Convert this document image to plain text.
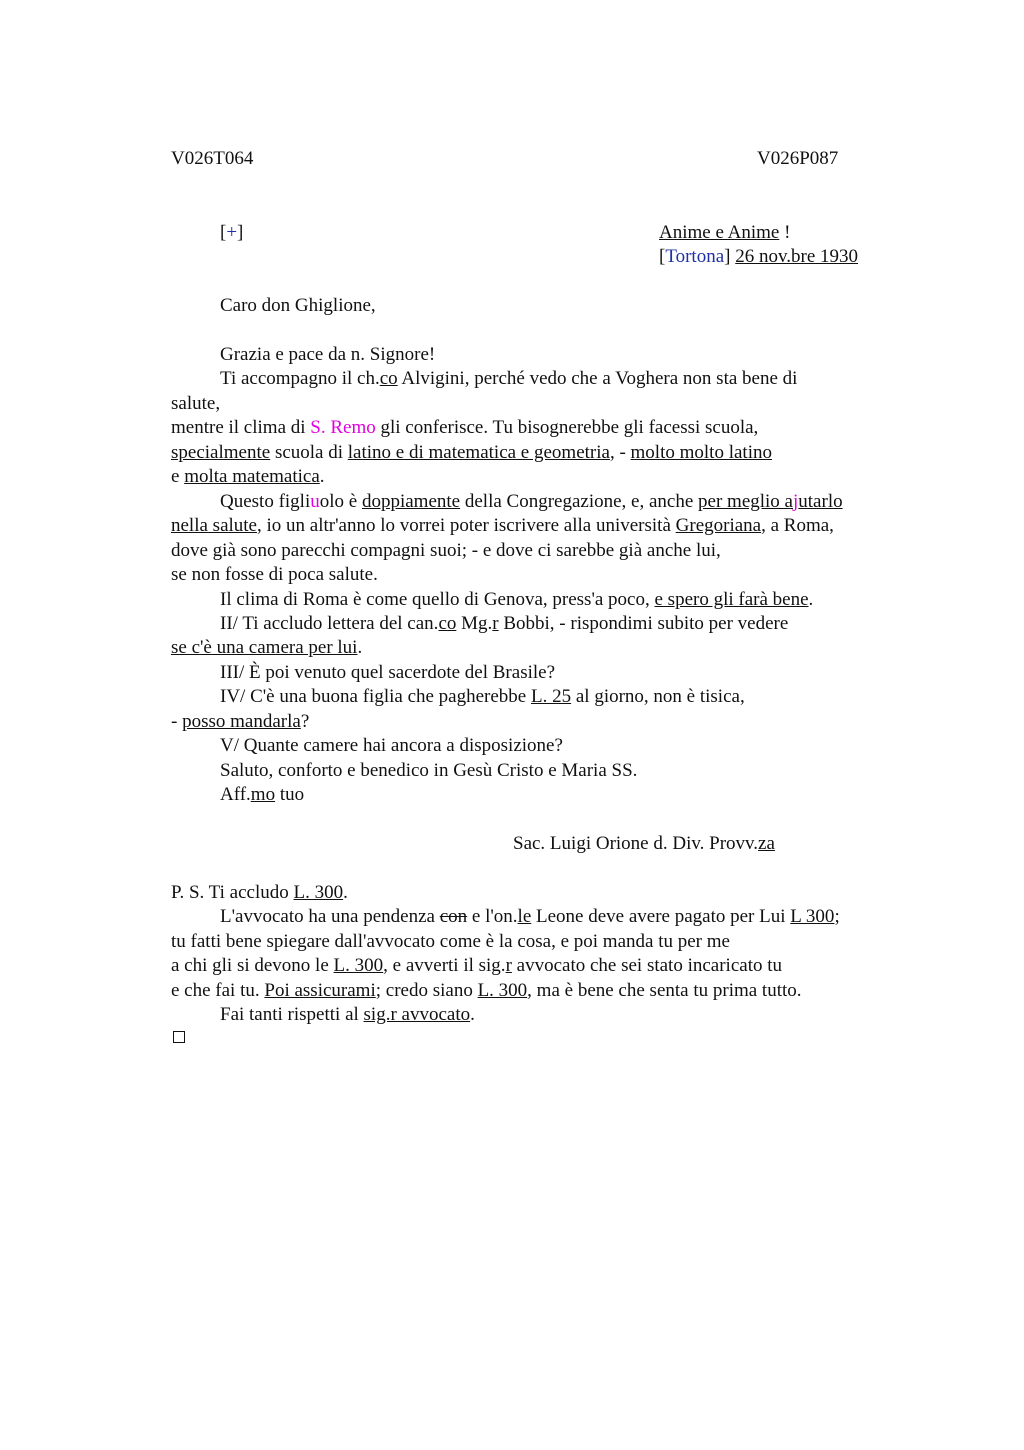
V026T064	V026P087
[+]	Anime e Anime !
[Tortona] 26 nov.bre 1930
Caro don Ghiglione,
Grazia e pace da n. Signore!
Ti accompagno il ch.co Alvigini, perché vedo che a Voghera non sta bene di
salute,
mentre il clima di S. Remo gli conferisce. Tu bisognerebbe gli facessi scuola,
specialmente scuola di latino e di matematica e geometria, - molto molto latino
e molta matematica.
Questo figliuolo è doppiamente della Congregazione, e, anche per meglio ajutarlo
nella salute, io un altr'anno lo vorrei poter iscrivere alla università Gregoriana, a Roma,
dove già sono parecchi compagni suoi; - e dove ci sarebbe già anche lui,
se non fosse di poca salute.
Il clima di Roma è come quello di Genova, press'a poco, e spero gli farà bene.
II/ Ti accludo lettera del can.co Mg.r Bobbi, - rispondimi subito per vedere
se c'è una camera per lui.
III/ È poi venuto quel sacerdote del Brasile?
IV/ C'è una buona figlia che pagherebbe L. 25 al giorno, non è tisica,
- posso mandarla?
V/ Quante camere hai ancora a disposizione?
Saluto, conforto e benedico in Gesù Cristo e Maria SS.
Aff.mo tuo
Sac. Luigi Orione d. Div. Provv.za
P. S. Ti accludo L. 300.
L'avvocato ha una pendenza con e l'on.le Leone deve avere pagato per Lui L 300;
tu fatti bene spiegare dall'avvocato come è la cosa, e poi manda tu per me
a chi gli si devono le L. 300, e avverti il sig.r avvocato che sei stato incaricato tu
e che fai tu. Poi assicurami; credo siano L. 300, ma è bene che senta tu prima tutto.
Fai tanti rispetti al sig.r avvocato.
